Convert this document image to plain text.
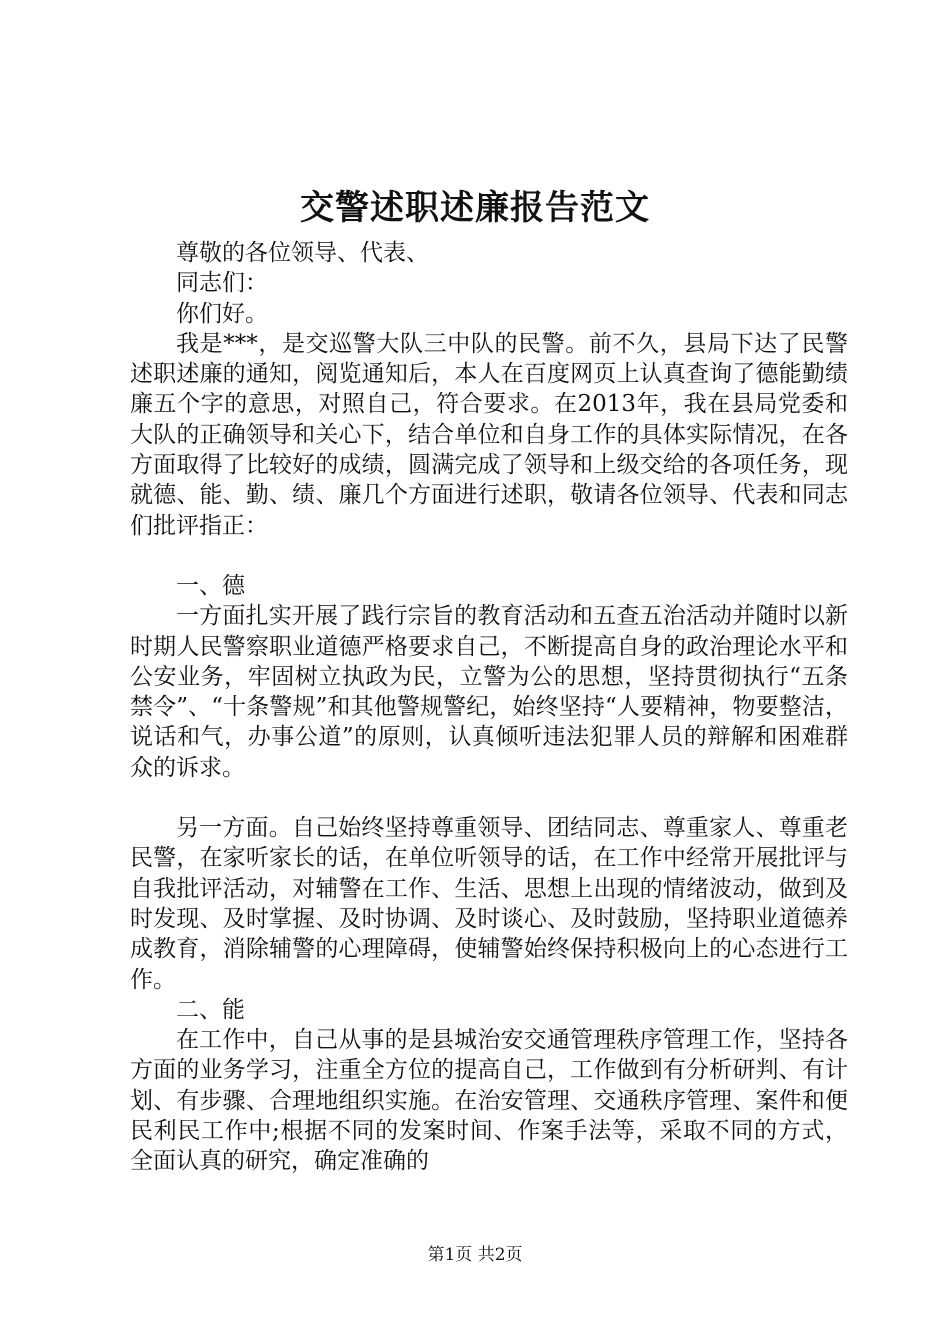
交警述职述廉报告范文

尊敬的各位领导、代表、

同志们：

你们好。

我是***，是交巡警大队三中队的民警。前不久，县局下达了民警述职述廉的通知，阅览通知后，本人在百度网页上认真查询了德能勤绩廉五个字的意思，对照自己，符合要求。在2013年，我在县局党委和大队的正确领导和关心下，结合单位和自身工作的具体实际情况，在各方面取得了比较好的成绩，圆满完成了领导和上级交给的各项任务，现就德、能、勤、绩、廉几个方面进行述职，敬请各位领导、代表和同志们批评指正：

一、德

一方面扎实开展了践行宗旨的教育活动和五查五治活动并随时以新时期人民警察职业道德严格要求自己，不断提高自身的政治理论水平和公安业务，牢固树立执政为民，立警为公的思想，坚持贯彻执行“五条禁令”、“十条警规”和其他警规警纪，始终坚持“人要精神，物要整洁，说话和气，办事公道”的原则，认真倾听违法犯罪人员的辩解和困难群众的诉求。

另一方面。自己始终坚持尊重领导、团结同志、尊重家人、尊重老民警，在家听家长的话，在单位听领导的话，在工作中经常开展批评与自我批评活动，对辅警在工作、生活、思想上出现的情绪波动，做到及时发现、及时掌握、及时协调、及时谈心、及时鼓励，坚持职业道德养成教育，消除辅警的心理障碍，使辅警始终保持积极向上的心态进行工作。

二、能

在工作中，自己从事的是县城治安交通管理秩序管理工作，坚持各方面的业务学习，注重全方位的提高自己，工作做到有分析研判、有计划、有步骤、合理地组织实施。在治安管理、交通秩序管理、案件和便民利民工作中;根据不同的发案时间、作案手法等，采取不同的方式，全面认真的研究，确定准确的

第1页 共2页
